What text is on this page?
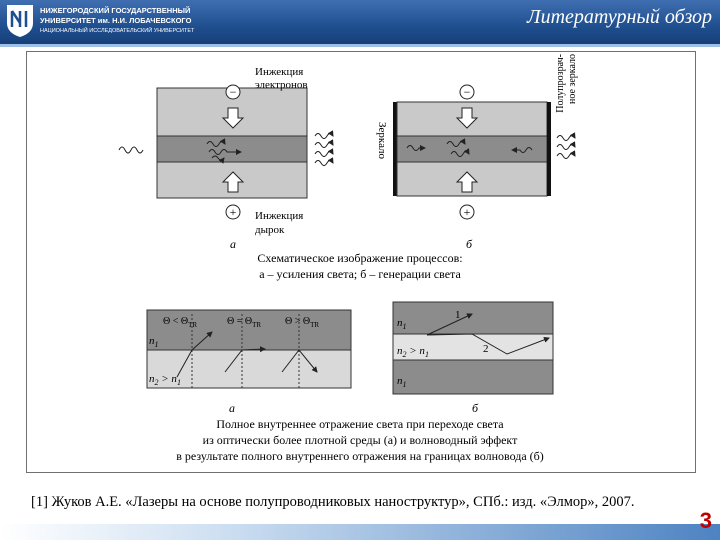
НИЖЕГОРОДСКИЙ ГОСУДАРСТВЕННЫЙ
УНИВЕРСИТЕТ им. Н.И. ЛОБАЧЕВСКОГО
НАЦИОНАЛЬНЫЙ ИССЛЕДОВАТЕЛЬСКИЙ УНИВЕРСИТЕТ
Литературный обзор
−
+
Инжекция
электронов
Инжекция
дырок
а
Зеркало
Полупрозрач- ное зеркало
−
+
б
Схематическое изображение процессов:
а – усиления света; б – генерации света
$\Theta < \Theta_{TR}$	$\Theta = \Theta_{TR}$ $\Theta > \Theta_{TR}$
$n_1$
$n_2 > n_1$
а
$n_1$
$n_2 > n_1$
$n_1$
1
2
б
Полное внутреннее отражение света при переходе света
из оптически более плотной среды (а) и волноводный эффект
в результате полного внутреннего отражения на границах волновода (б)
[1] Жуков А.Е. «Лазеры на основе полупроводниковых наноструктур», СПб.: изд. «Элмор», 2007.
3
